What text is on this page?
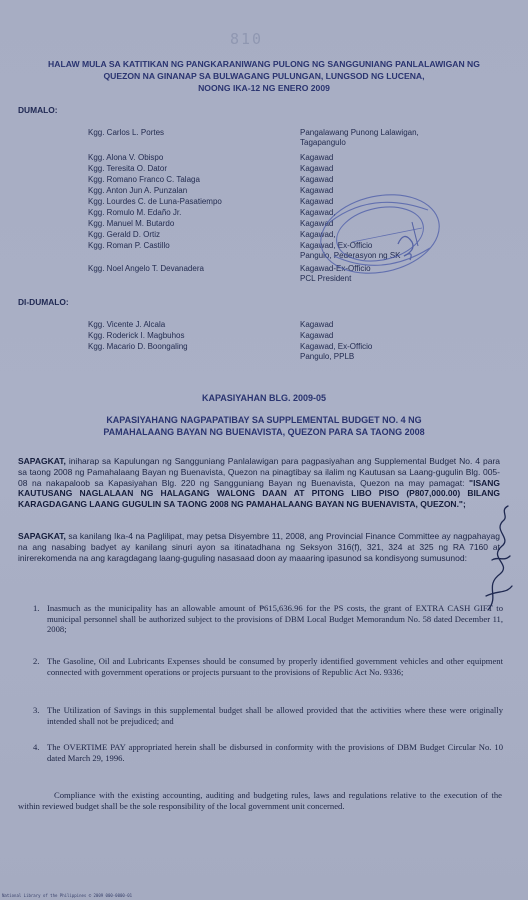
810
HALAW MULA SA KATITIKAN NG PANGKARANIWANG PULONG NG SANGGUNIANG PANLALAWIGAN NG
QUEZON NA GINANAP SA BULWAGANG PULUNGAN, LUNGSOD NG LUCENA,
NOONG IKA-12 NG ENERO 2009
DUMALO:
Kgg. Carlos L. Portes	Pangalawang Punong Lalawigan,
Tagapangulo
Kgg. Alona V. Obispo	Kagawad
Kgg. Teresita O. Dator	Kagawad
Kgg. Romano Franco C. Talaga	Kagawad
Kgg. Anton Jun A. Punzalan	Kagawad
Kgg. Lourdes C. de Luna-Pasatiempo	Kagawad
Kgg. Romulo M. Edaño Jr.	Kagawad,
Kgg. Manuel M. Butardo	Kagawad
Kgg. Gerald D. Ortiz	Kagawad,
Kgg. Roman P. Castillo	Kagawad, Ex-Officio
Pangulo, Pederasyon ng SK
Kgg. Noel Angelo T. Devanadera	Kagawad-Ex-Officio
PCL President
DI-DUMALO:
Kgg. Vicente J. Alcala	Kagawad
Kgg. Roderick I. Magbuhos	Kagawad
Kgg. Macario D. Boongaling	Kagawad, Ex-Officio
Pangulo, PPLB
KAPASIYAHAN BLG. 2009-05
KAPASIYAHANG NAGPAPATIBAY SA SUPPLEMENTAL BUDGET NO. 4 NG
PAMAHALAANG BAYAN NG BUENAVISTA, QUEZON PARA SA TAONG 2008
SAPAGKAT, iniharap sa Kapulungan ng Sangguniang Panlalawigan para pagpasiyahan ang Supplemental Budget No. 4 para sa taong 2008 ng Pamahalaang Bayan ng Buenavista, Quezon na pinagtibay sa ilalim ng Kautusan sa Laang-gugulin Blg. 005-08 na nakapaloob sa Kapasiyahan Blg. 220 ng Sangguniang Bayan ng Buenavista, Quezon na may pamagat: "ISANG KAUTUSANG NAGLALAAN NG HALAGANG WALONG DAAN AT PITONG LIBO PISO (P807,000.00) BILANG KARAGDAGANG LAANG GUGULIN SA TAONG 2008 NG PAMAHALAANG BAYAN NG BUENAVISTA, QUEZON.";
SAPAGKAT, sa kanilang Ika-4 na Paglilipat, may petsa Disyembre 11, 2008, ang Provincial Finance Committee ay nagpahayag na ang nasabing badyet ay kanilang sinuri ayon sa itinatadhana ng Seksyon 316(f), 321, 324 at 325 ng RA 7160 at inirerekomenda na ang karagdagang laang-guguling nasasaad doon ay maaaring ipasunod sa kondisyong sumusunod:
1. Inasmuch as the municipality has an allowable amount of ₱615,636.96 for the PS costs, the grant of EXTRA CASH GIFT to municipal personnel shall be authorized subject to the provisions of DBM Local Budget Memorandum No. 58 dated December 11, 2008;
2. The Gasoline, Oil and Lubricants Expenses should be consumed by properly identified government vehicles and other equipment connected with government operations or projects pursuant to the provisions of Republic Act No. 9336;
3. The Utilization of Savings in this supplemental budget shall be allowed provided that the activities where these were originally intended shall not be prejudiced; and
4. The OVERTIME PAY appropriated herein shall be disbursed in conformity with the provisions of DBM Budget Circular No. 10 dated March 29, 1996.
Compliance with the existing accounting, auditing and budgeting rules, laws and regulations relative to the execution of the within reviewed budget shall be the sole responsibility of the local government unit concerned.
National Library of the Philippines © 2009 000-0000-01
